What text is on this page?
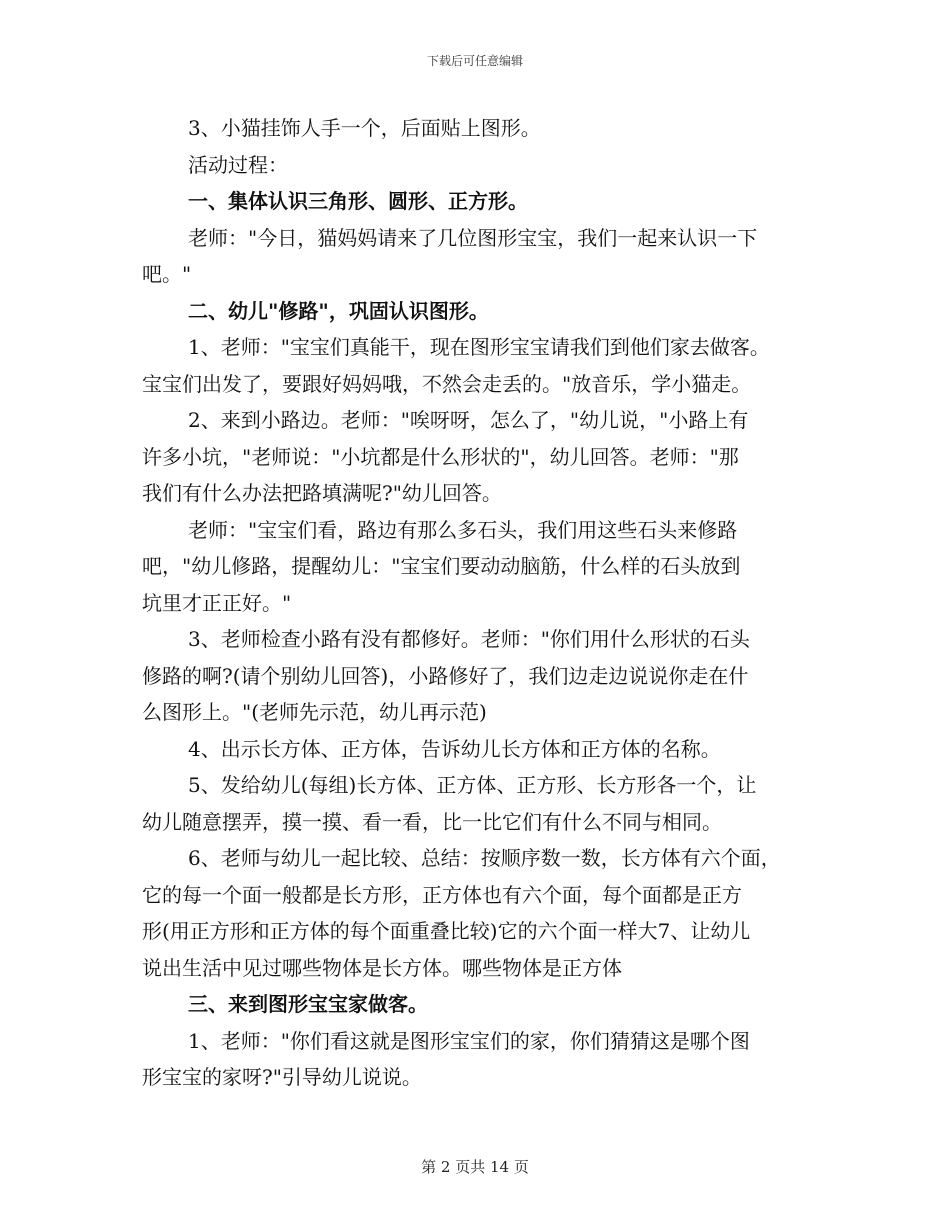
下载后可任意编辑
3、小猫挂饰人手一个，后面贴上图形。
活动过程：
一、集体认识三角形、圆形、正方形。
老师："今日，猫妈妈请来了几位图形宝宝，我们一起来认识一下
吧。"
二、幼儿"修路"，巩固认识图形。
1、老师："宝宝们真能干，现在图形宝宝请我们到他们家去做客。
宝宝们出发了，要跟好妈妈哦，不然会走丢的。"放音乐，学小猫走。
2、来到小路边。老师："唉呀呀，怎么了，"幼儿说，"小路上有
许多小坑，"老师说："小坑都是什么形状的"，幼儿回答。老师："那
我们有什么办法把路填满呢?"幼儿回答。
老师："宝宝们看，路边有那么多石头，我们用这些石头来修路
吧，"幼儿修路，提醒幼儿："宝宝们要动动脑筋，什么样的石头放到
坑里才正正好。"
3、老师检查小路有没有都修好。老师："你们用什么形状的石头
修路的啊?(请个别幼儿回答)，小路修好了，我们边走边说说你走在什
么图形上。"(老师先示范，幼儿再示范)
4、出示长方体、正方体，告诉幼儿长方体和正方体的名称。
5、发给幼儿(每组)长方体、正方体、正方形、长方形各一个，让
幼儿随意摆弄，摸一摸、看一看，比一比它们有什么不同与相同。
6、老师与幼儿一起比较、总结：按顺序数一数，长方体有六个面，
它的每一个面一般都是长方形，正方体也有六个面，每个面都是正方
形(用正方形和正方体的每个面重叠比较)它的六个面一样大7、让幼儿
说出生活中见过哪些物体是长方体。哪些物体是正方体
三、来到图形宝宝家做客。
1、老师："你们看这就是图形宝宝们的家，你们猜猜这是哪个图
形宝宝的家呀?"引导幼儿说说。
第 2 页共 14 页
